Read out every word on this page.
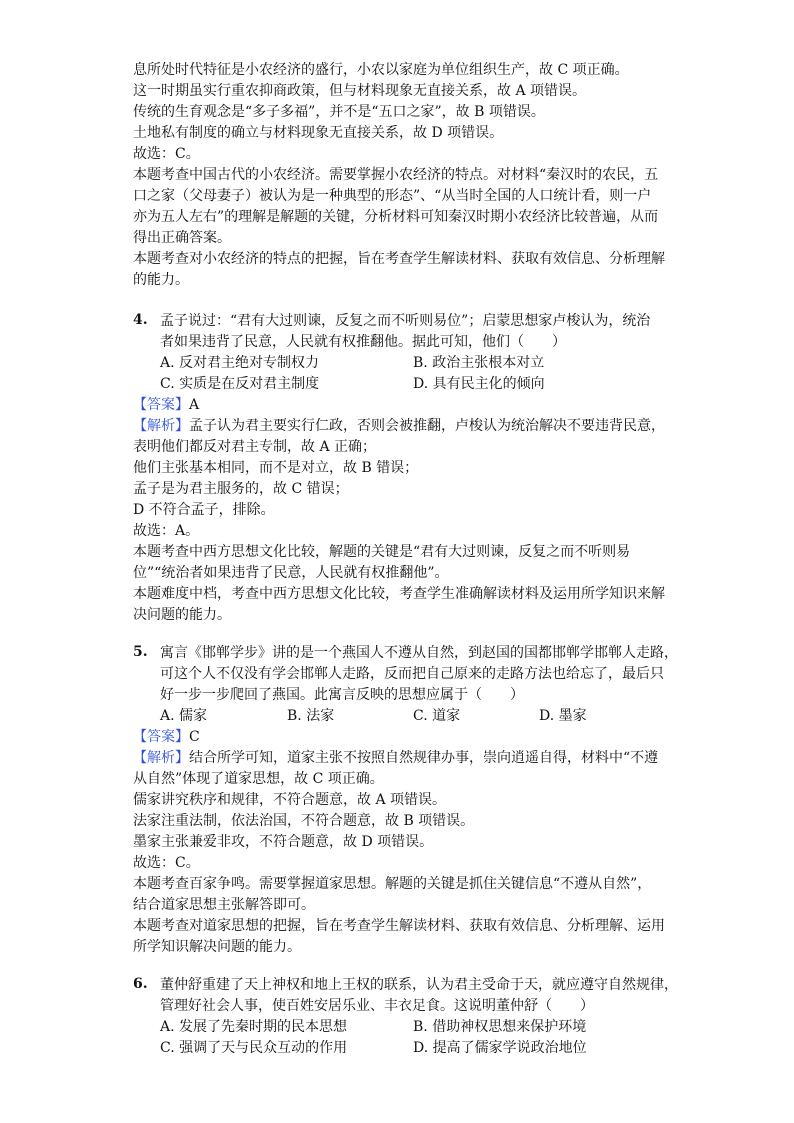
息所处时代特征是小农经济的盛行，小农以家庭为单位组织生产，故 C 项正确。
这一时期虽实行重农抑商政策，但与材料现象无直接关系，故 A 项错误。
传统的生育观念是“多子多福”，并不是“五口之家”，故 B 项错误。
土地私有制度的确立与材料现象无直接关系，故 D 项错误。
故选：C。
本题考查中国古代的小农经济。需要掌握小农经济的特点。对材料“秦汉时的农民，五
口之家（父母妻子）被认为是一种典型的形态”、“从当时全国的人口统计看，则一户
亦为五人左右”的理解是解题的关键，分析材料可知秦汉时期小农经济比较普遍，从而
得出正确答案。
本题考查对小农经济的特点的把握，旨在考查学生解读材料、获取有效信息、分析理解
的能力。
4. 孟子说过：“君有大过则谏，反复之而不听则易位”；启蒙思想家卢梭认为，统治
者如果违背了民意，人民就有权推翻他。据此可知，他们（　　）
A. 反对君主绝对专制权力	B. 政治主张根本对立
C. 实质是在反对君主制度	D. 具有民主化的倾向
【答案】A
【解析】孟子认为君主要实行仁政，否则会被推翻，卢梭认为统治解决不要违背民意，
表明他们都反对君主专制，故 A 正确；
他们主张基本相同，而不是对立，故 B 错误；
孟子是为君主服务的，故 C 错误；
D 不符合孟子，排除。
故选：A。
本题考查中西方思想文化比较，解题的关键是“君有大过则谏，反复之而不听则易
位”“统治者如果违背了民意，人民就有权推翻他”。
本题难度中档，考查中西方思想文化比较，考查学生准确解读材料及运用所学知识来解
决问题的能力。
5. 寓言《邯郸学步》讲的是一个燕国人不遵从自然，到赵国的国都邯郸学邯郸人走路，
可这个人不仅没有学会邯郸人走路，反而把自己原来的走路方法也给忘了，最后只
好一步一步爬回了燕国。此寓言反映的思想应属于（　　）
A. 儒家	B. 法家	C. 道家	D. 墨家
【答案】C
【解析】结合所学可知，道家主张不按照自然规律办事，崇向逍遥自得，材料中“不遵
从自然”体现了道家思想，故 C 项正确。
儒家讲究秩序和规律，不符合题意，故 A 项错误。
法家注重法制，依法治国，不符合题意，故 B 项错误。
墨家主张兼爱非攻，不符合题意，故 D 项错误。
故选：C。
本题考查百家争鸣。需要掌握道家思想。解题的关键是抓住关键信息“不遵从自然”，
结合道家思想主张解答即可。
本题考查对道家思想的把握，旨在考查学生解读材料、获取有效信息、分析理解、运用
所学知识解决问题的能力。
6. 董仲舒重建了天上神权和地上王权的联系，认为君主受命于天，就应遵守自然规律，
管理好社会人事，使百姓安居乐业、丰衣足食。这说明董仲舒（　　）
A. 发展了先秦时期的民本思想	B. 借助神权思想来保护环境
C. 强调了天与民众互动的作用	D. 提高了儒家学说政治地位
